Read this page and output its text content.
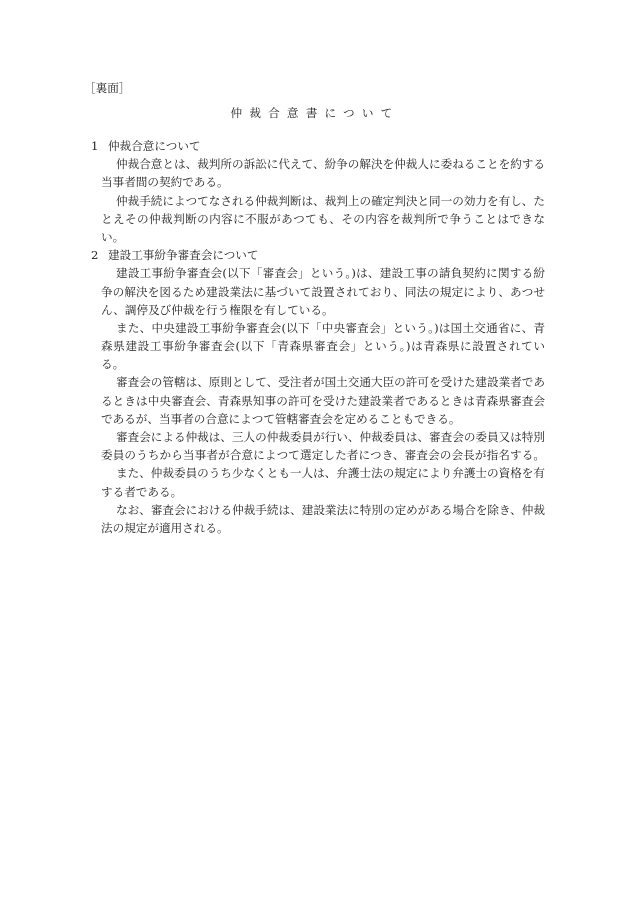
［裏面］
仲裁合意書について
1 仲裁合意について
仲裁合意とは、裁判所の訴訟に代えて、紛争の解決を仲裁人に委ねることを約する
当事者間の契約である。
仲裁手続によつてなされる仲裁判断は、裁判上の確定判決と同一の効力を有し、た
とえその仲裁判断の内容に不服があつても、その内容を裁判所で争うことはできな
い。
2 建設工事紛争審査会について
建設工事紛争審査会(以下「審査会」という。)は、建設工事の請負契約に関する紛
争の解決を図るため建設業法に基づいて設置されており、同法の規定により、あつせ
ん、調停及び仲裁を行う権限を有している。
また、中央建設工事紛争審査会(以下「中央審査会」という。)は国土交通省に、青
森県建設工事紛争審査会(以下「青森県審査会」という。)は青森県に設置されてい
る。
審査会の管轄は、原則として、受注者が国土交通大臣の許可を受けた建設業者であ
るときは中央審査会、青森県知事の許可を受けた建設業者であるときは青森県審査会
であるが、当事者の合意によつて管轄審査会を定めることもできる。
審査会による仲裁は、三人の仲裁委員が行い、仲裁委員は、審査会の委員又は特別
委員のうちから当事者が合意によつて選定した者につき、審査会の会長が指名する。
また、仲裁委員のうち少なくとも一人は、弁護士法の規定により弁護士の資格を有
する者である。
なお、審査会における仲裁手続は、建設業法に特別の定めがある場合を除き、仲裁
法の規定が適用される。
